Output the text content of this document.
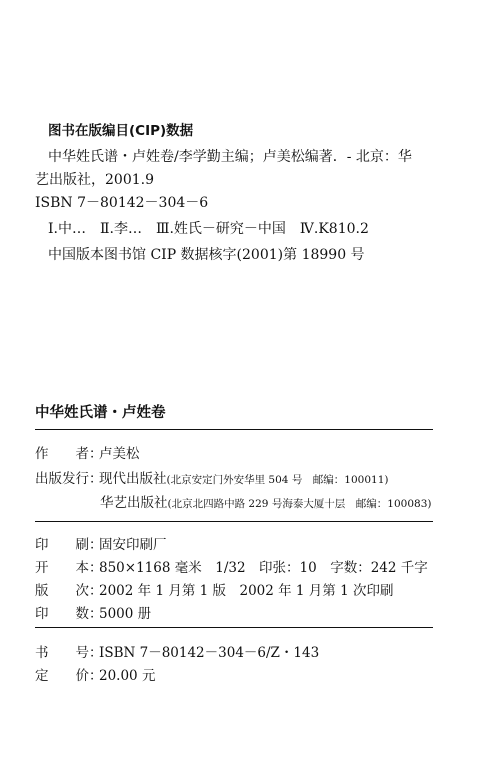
图书在版编目(CIP)数据
中华姓氏谱・卢姓卷/李学勤主编；卢美松编著．- 北京：华
艺出版社，2001.9
ISBN 7－80142－304－6
Ⅰ.中…　Ⅱ.李…　Ⅲ.姓氏－研究－中国　Ⅳ.K810.2
中国版本图书馆 CIP 数据核字(2001)第 18990 号
中华姓氏谱・卢姓卷
作　　者：卢美松
出版发行：现代出版社(北京安定门外安华里 504 号　邮编：100011)
华艺出版社(北京北四路中路 229 号海泰大厦十层　邮编：100083)
印　　刷：固安印刷厂
开　　本：850×1168 毫米　1/32　印张：10　字数：242 千字
版　　次：2002 年 1 月第 1 版　2002 年 1 月第 1 次印刷
印　　数：5000 册
书　　号：ISBN 7－80142－304－6/Z・143
定　　价：20.00 元
